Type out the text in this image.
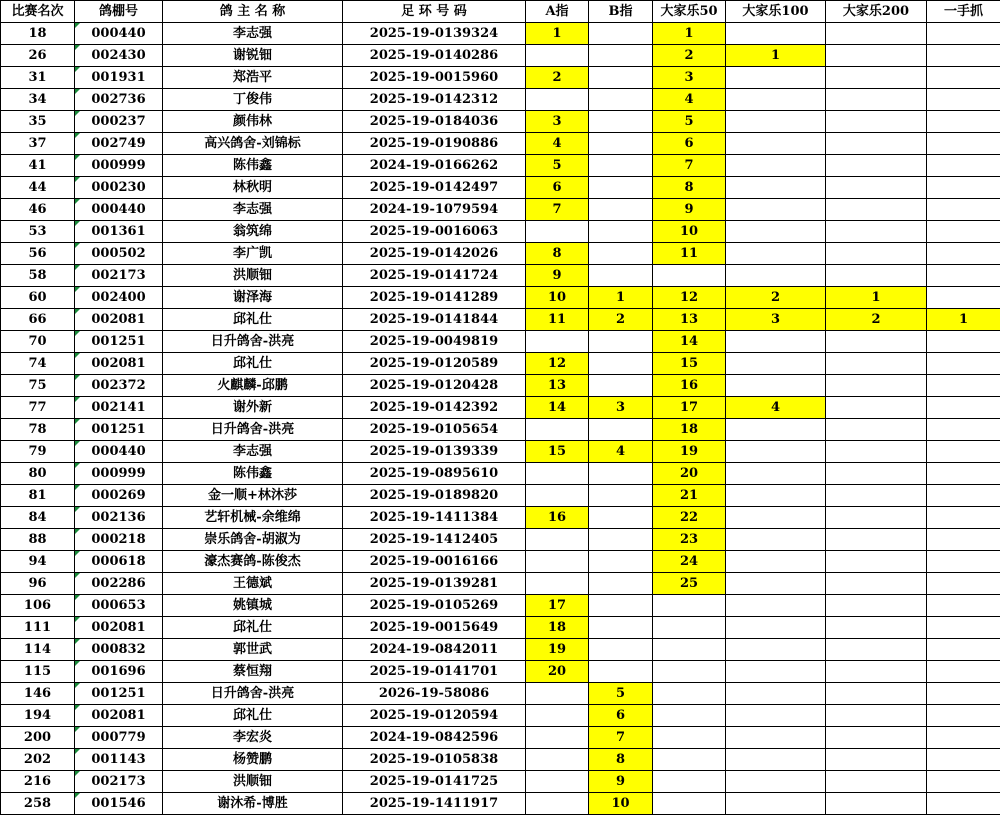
比赛名次	鸽棚号	鸽 主 名 称	足 环 号 码	A指	B指	大家乐50	大家乐100	大家乐200	一手抓
18	000440	李志强	2025-19-0139324	1		1			
26	002430	谢锐钿	2025-19-0140286			2	1		
31	001931	郑浩平	2025-19-0015960	2		3			
34	002736	丁俊伟	2025-19-0142312			4			
35	000237	颜伟林	2025-19-0184036	3		5			
37	002749	高兴鸽舍-刘锦标	2025-19-0190886	4		6			
41	000999	陈伟鑫	2024-19-0166262	5		7			
44	000230	林秋明	2025-19-0142497	6		8			
46	000440	李志强	2024-19-1079594	7		9			
53	001361	翁筑绵	2025-19-0016063			10			
56	000502	李广凯	2025-19-0142026	8		11			
58	002173	洪顺钿	2025-19-0141724	9					
60	002400	谢泽海	2025-19-0141289	10	1	12	2	1	
66	002081	邱礼仕	2025-19-0141844	11	2	13	3	2	1
70	001251	日升鸽舍-洪亮	2025-19-0049819			14			
74	002081	邱礼仕	2025-19-0120589	12		15			
75	002372	火麒麟-邱鹏	2025-19-0120428	13		16			
77	002141	谢外新	2025-19-0142392	14	3	17	4		
78	001251	日升鸽舍-洪亮	2025-19-0105654			18			
79	000440	李志强	2025-19-0139339	15	4	19			
80	000999	陈伟鑫	2025-19-0895610			20			
81	000269	金一顺+林沐莎	2025-19-0189820			21			
84	002136	艺轩机械-余维绵	2025-19-1411384	16		22			
88	000218	崇乐鸽舍-胡淑为	2025-19-1412405			23			
94	000618	濠杰赛鸽-陈俊杰	2025-19-0016166			24			
96	002286	王德斌	2025-19-0139281			25			
106	000653	姚镇城	2025-19-0105269	17					
111	002081	邱礼仕	2025-19-0015649	18					
114	000832	郭世武	2024-19-0842011	19					
115	001696	蔡恒翔	2025-19-0141701	20					
146	001251	日升鸽舍-洪亮	2026-19-58086		5				
194	002081	邱礼仕	2025-19-0120594		6				
200	000779	李宏炎	2024-19-0842596		7				
202	001143	杨赞鹏	2025-19-0105838		8				
216	002173	洪顺钿	2025-19-0141725		9				
258	001546	谢沐希-博胜	2025-19-1411917		10				
